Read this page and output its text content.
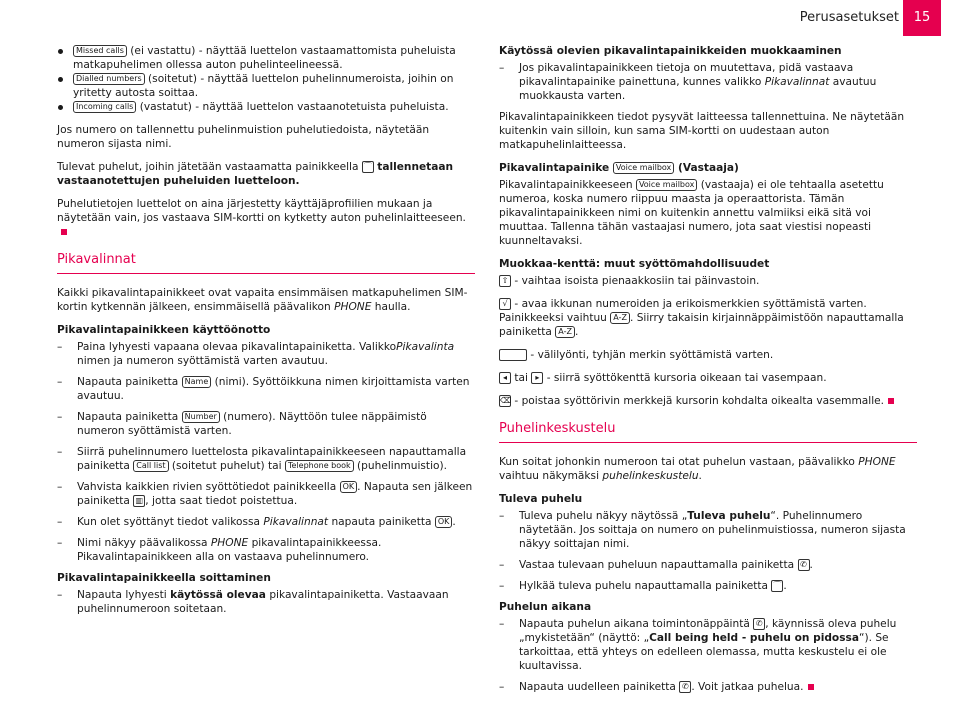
Perusasetukset	15

Missed calls (ei vastattu) - näyttää luettelon vastaamattomista puheluista matkapuhelimen ollessa auton puhelinteelineessä.

Dialled numbers (soitetut) - näyttää luettelon puhelinnumeroista, joihin on yritetty autosta soittaa.

Incoming calls (vastatut) - näyttää luettelon vastaanotetuista puheluista.

Jos numero on tallennettu puhelinmuistion puhelutiedoista, näytetään numeron sijasta nimi.

Tulevat puhelut, joihin jätetään vastaamatta painikkeella ⌒ tallennetaan vastaanotettujen puheluiden luetteloon.

Puhelutietojen luettelot on aina järjestetty käyttäjäprofiilien mukaan ja näytetään vain, jos vastaava SIM-kortti on kytketty auton puhelinlaitteeseen.

Pikavalinnat

Kaikki pikavalintapainikkeet ovat vapaita ensimmäisen matkapuhelimen SIM-kortin kytkennän jälkeen, ensimmäisellä päävalikon PHONE haulla.

Pikavalintapainikkeen käyttöönotto

– Paina lyhyesti vapaana olevaa pikavalintapainiketta. ValikkoPikavalinta nimen ja numeron syöttämistä varten avautuu.

– Napauta painiketta Name (nimi). Syöttöikkuna nimen kirjoittamista varten avautuu.

– Napauta painiketta Number (numero). Näyttöön tulee näppäimistö numeron syöttämistä varten.

– Siirrä puhelinnumero luettelosta pikavalintapainikkeeseen napauttamalla painiketta Call list (soitetut puhelut) tai Telephone book (puhelinmuistio).

– Vahvista kaikkien rivien syöttötiedot painikkeella OK . Napauta sen jälkeen painiketta ▥ , jotta saat tiedot poistettua.

– Kun olet syöttänyt tiedot valikossa Pikavalinnat napauta painiketta OK .

– Nimi näkyy päävalikossa PHONE pikavalintapainikkeessa. Pikavalintapainikkeen alla on vastaava puhelinnumero.

Pikavalintapainikkeella soittaminen

– Napauta lyhyesti käytössä olevaa pikavalintapainiketta. Vastaavaan puhelinnumeroon soitetaan.

Käytössä olevien pikavalintapainikkeiden muokkaaminen

– Jos pikavalintapainikkeen tietoja on muutettava, pidä vastaava pikavalintapainike painettuna, kunnes valikko Pikavalinnat avautuu muokkausta varten.

Pikavalintapainikkeen tiedot pysyvät laitteessa tallennettuina. Ne näytetään kuitenkin vain silloin, kun sama SIM-kortti on uudestaan auton matkapuhelinlaitteessa.

Pikavalintapainike Voice mailbox (Vastaaja)

Pikavalintapainikkeeseen Voice mailbox (vastaaja) ei ole tehtaalla asetettu numeroa, koska numero riippuu maasta ja operaattorista. Tämän pikavalintapainikkeen nimi on kuitenkin annettu valmiiksi eikä sitä voi muuttaa. Tallenna tähän vastaajasi numero, jota saat viestisi nopeasti kuunneltavaksi.

Muokkaa-kenttä: muut syöttömahdollisuudet

⇧ - vaihtaa isoista pienaakkosiin tai päinvastoin.

√ - avaa ikkunan numeroiden ja erikoismerkkien syöttämistä varten. Painikkeeksi vaihtuu A-Z . Siirry takaisin kirjainnäppäimistöön napauttamalla painiketta A-Z .

- välilyönti, tyhjän merkin syöttämistä varten.

◂ tai ▸ - siirrä syöttökenttä kursoria oikeaan tai vasempaan.

⌫ - poistaa syöttörivin merkkejä kursorin kohdalta oikealta vasemmalle.

Puhelinkeskustelu

Kun soitat johonkin numeroon tai otat puhelun vastaan, päävalikko PHONE vaihtuu näkymäksi puhelinkeskustelu.

Tuleva puhelu

– Tuleva puhelu näkyy näytössä „Tuleva puhelu“. Puhelinnumero näytetään. Jos soittaja on numero on puhelinmuistiossa, numeron sijasta näkyy soittajan nimi.

– Vastaa tulevaan puheluun napauttamalla painiketta ✆ .

– Hylkää tuleva puhelu napauttamalla painiketta ⌒ .

Puhelun aikana

– Napauta puhelun aikana toimintonäppäintä ✆ , käynnissä oleva puhelu „mykistetään“ (näyttö: „Call being held - puhelu on pidossa“). Se tarkoittaa, että yhteys on edelleen olemassa, mutta keskustelu ei ole kuultavissa.

– Napauta uudelleen painiketta ✆ . Voit jatkaa puhelua.
